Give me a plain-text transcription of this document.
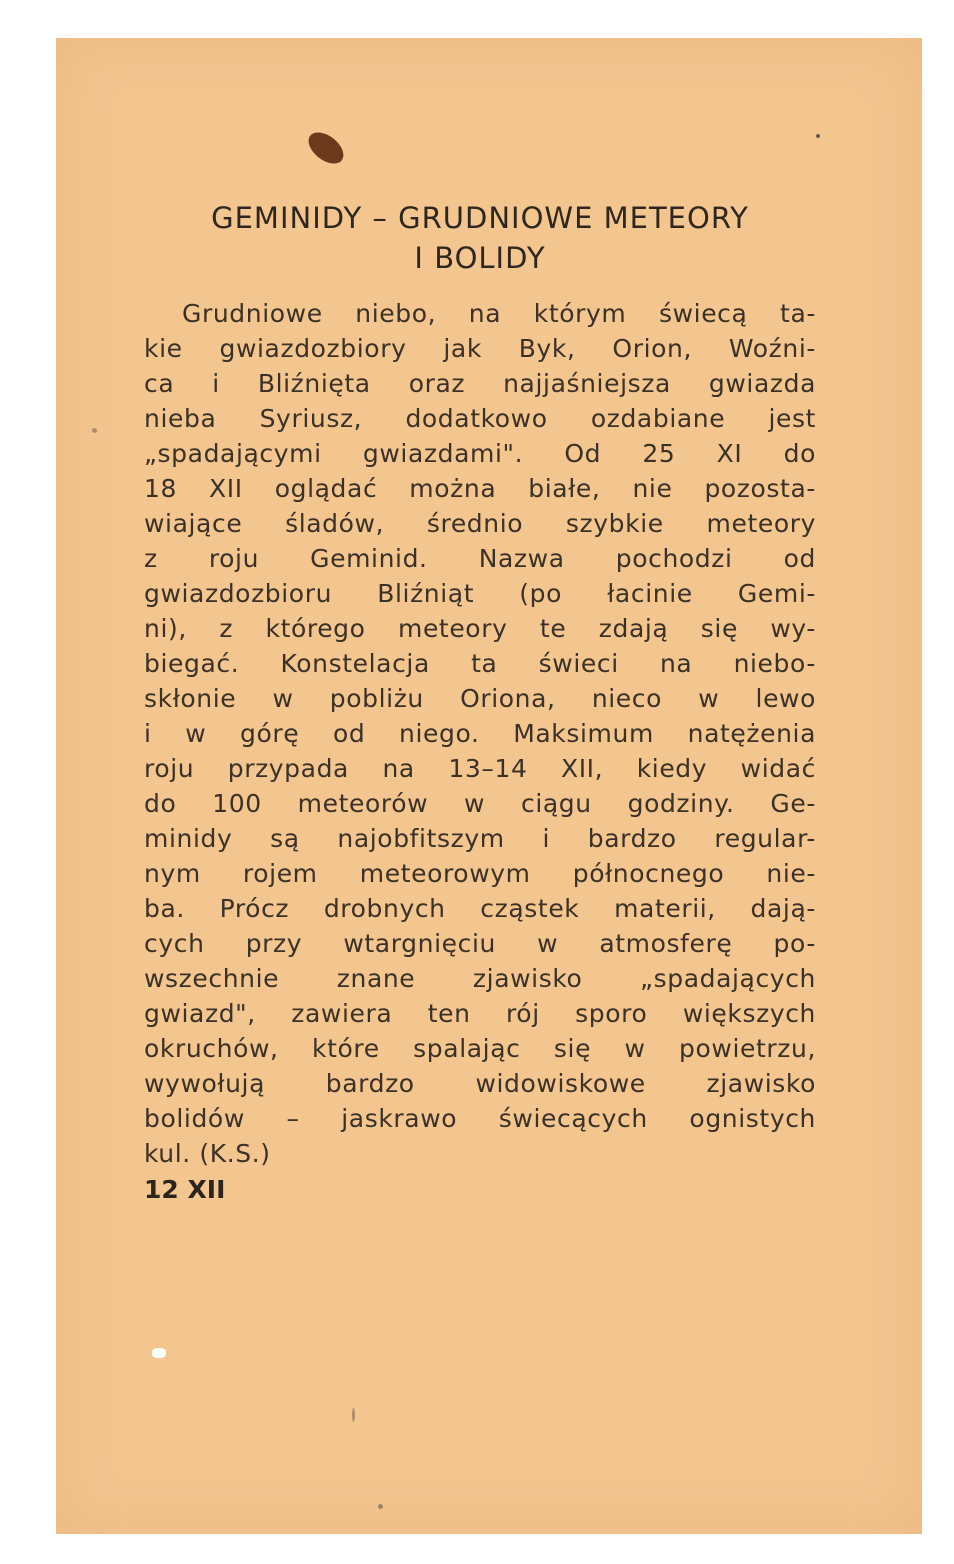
GEMINIDY – GRUDNIOWE METEORY
I BOLIDY
Grudniowe niebo, na którym świecą ta-
kie gwiazdozbiory jak Byk, Orion, Woźni-
ca i Bliźnięta oraz najjaśniejsza gwiazda
nieba Syriusz, dodatkowo ozdabiane jest
„spadającymi gwiazdami". Od 25 XI do
18 XII oglądać można białe, nie pozosta-
wiające śladów, średnio szybkie meteory
z roju Geminid. Nazwa pochodzi od
gwiazdozbioru Bliźniąt (po łacinie Gemi-
ni), z którego meteory te zdają się wy-
biegać. Konstelacja ta świeci na niebo-
skłonie w pobliżu Oriona, nieco w lewo
i w górę od niego. Maksimum natężenia
roju przypada na 13–14 XII, kiedy widać
do 100 meteorów w ciągu godziny. Ge-
minidy są najobfitszym i bardzo regular-
nym rojem meteorowym północnego nie-
ba. Prócz drobnych cząstek materii, dają-
cych przy wtargnięciu w atmosferę po-
wszechnie znane zjawisko „spadających
gwiazd", zawiera ten rój sporo większych
okruchów, które spalając się w powietrzu,
wywołują bardzo widowiskowe zjawisko
bolidów – jaskrawo świecących ognistych
kul. (K.S.)
12 XII
